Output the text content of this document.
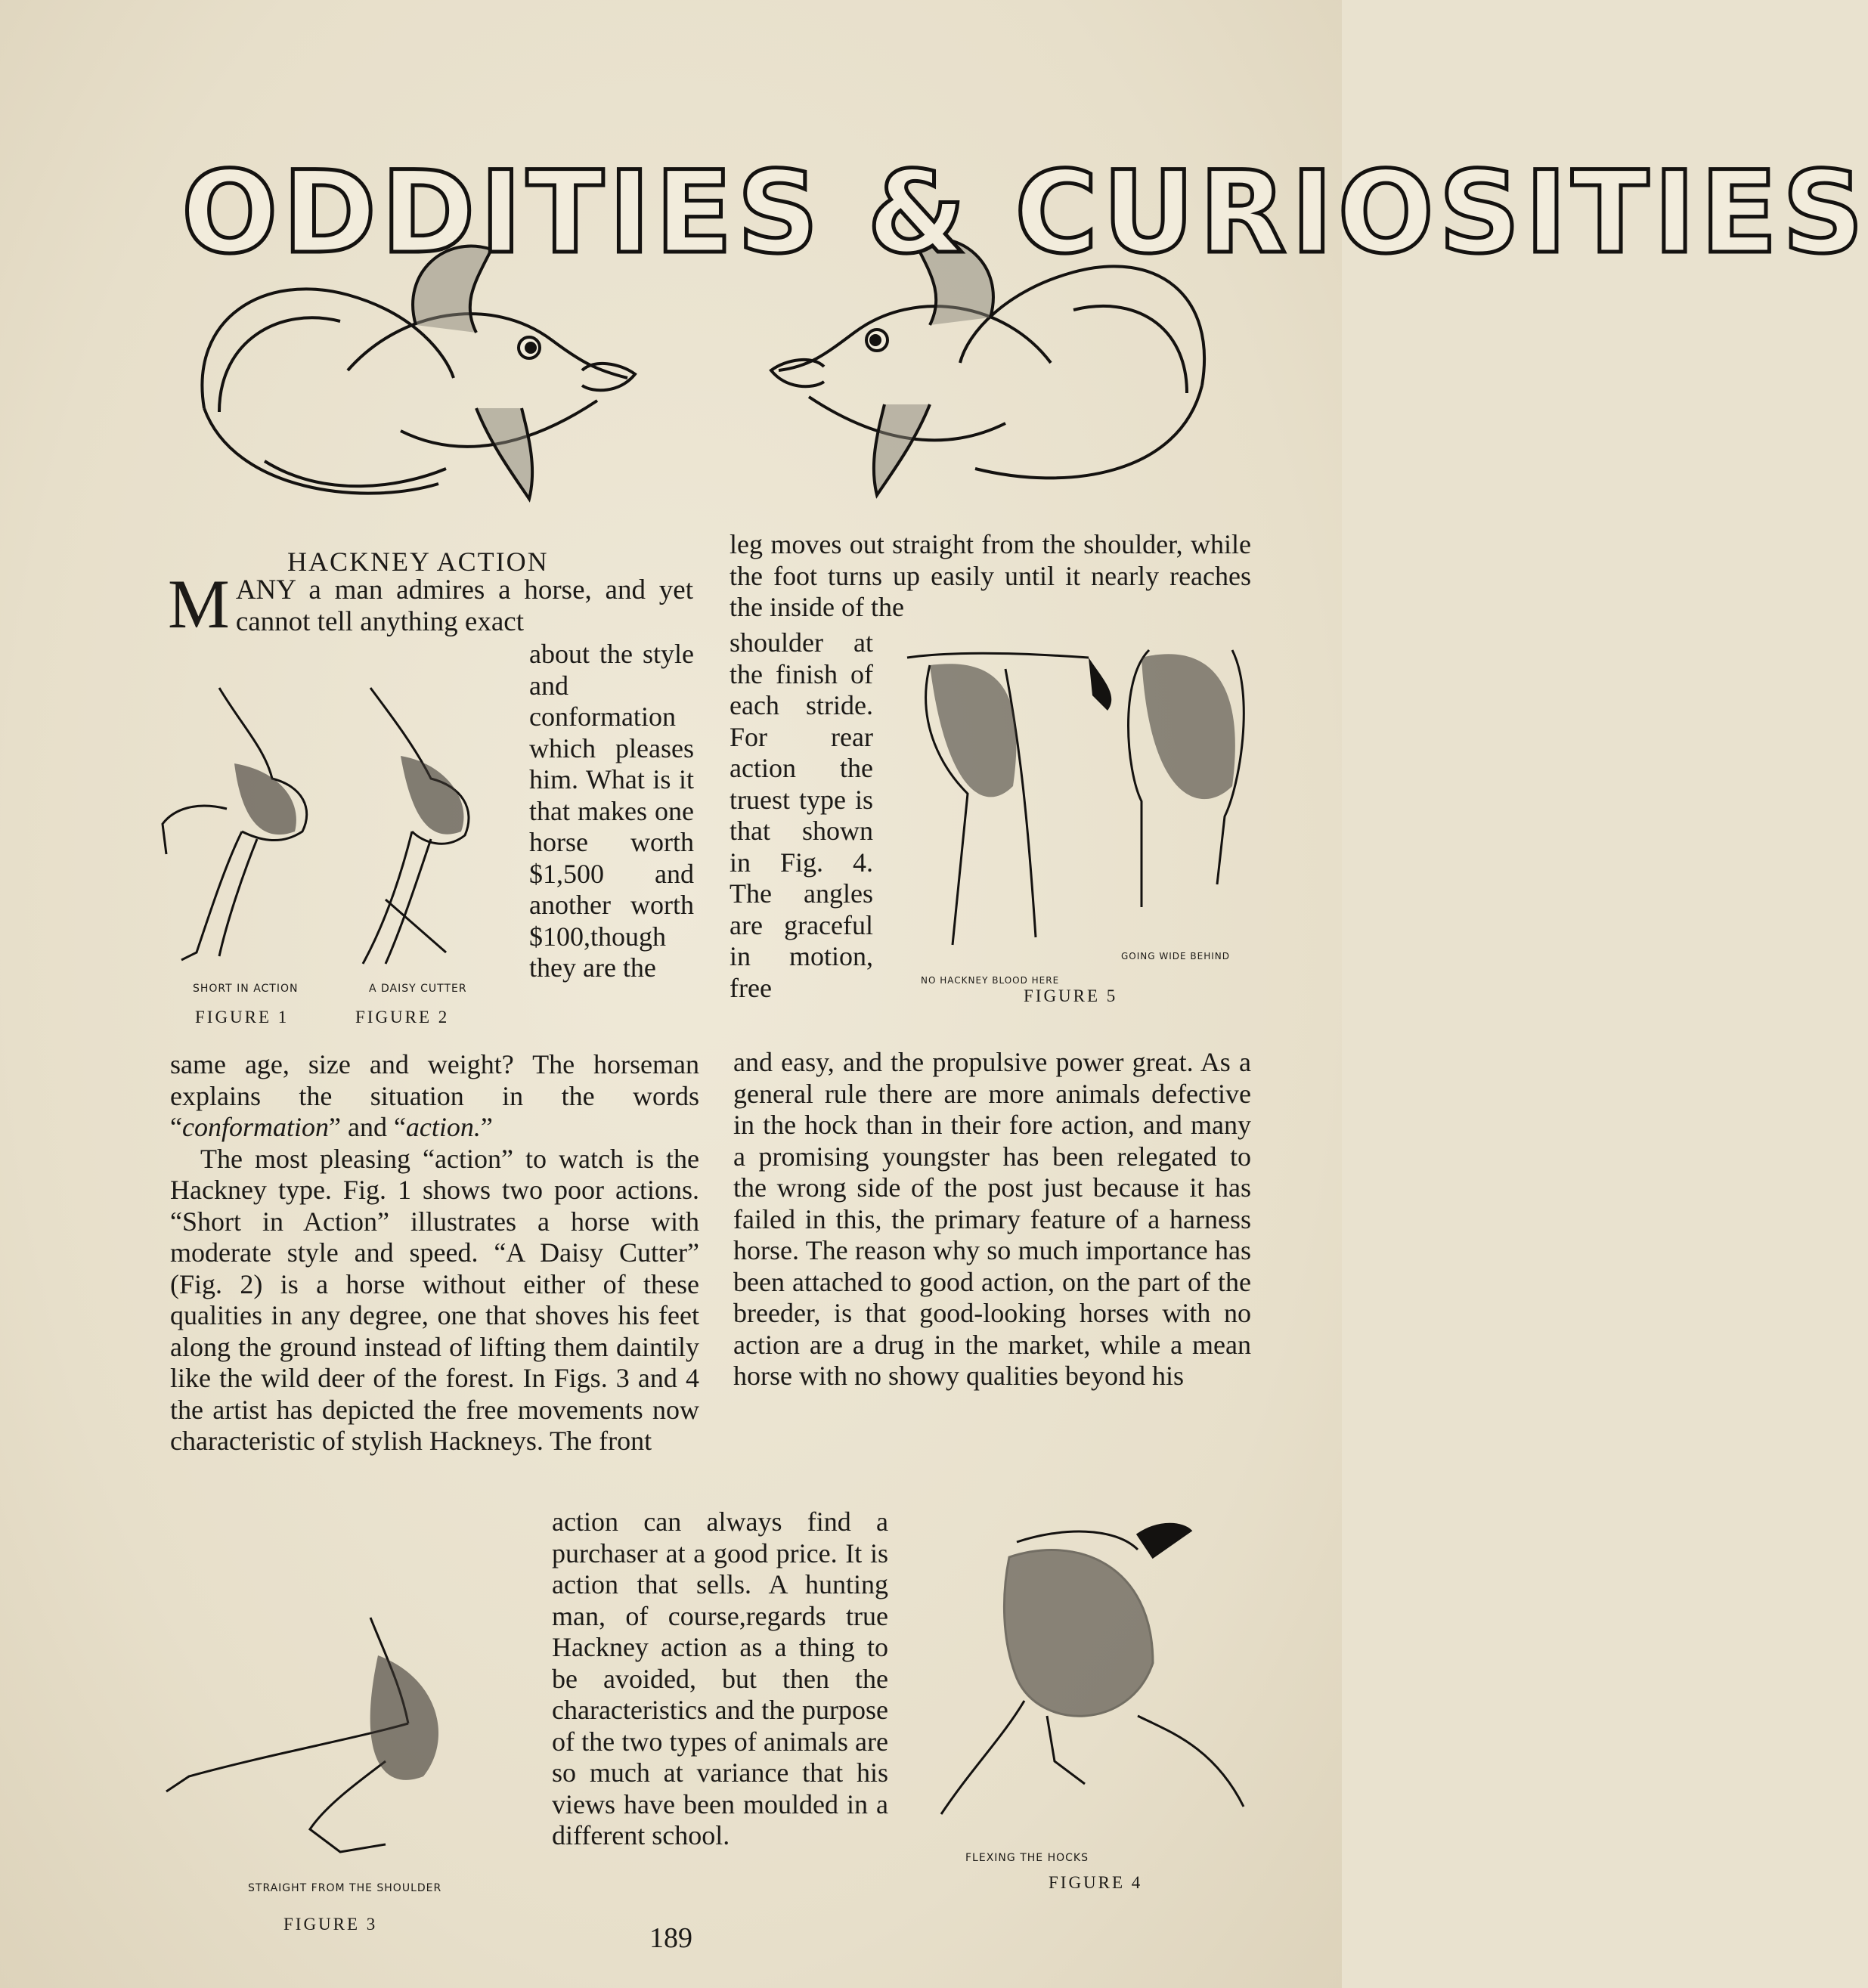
ODDITIES & CURIOSITIES
HACKNEY ACTION
M ANY a man admires a horse, and yet cannot tell anything exact
about the style and conformation which pleases him. What is it that makes one horse worth $1,500 and another worth $100,though they are the
SHORT IN ACTION
FIGURE 1
A DAISY CUTTER
FIGURE 2

same age, size and weight? The horseman explains the situation in the words “conformation” and “action.”

The most pleasing “action” to watch is the Hackney type. Fig. 1 shows two poor actions. “Short in Action” illustrates a horse with moderate style and speed. “A Daisy Cutter” (Fig. 2) is a horse without either of these qualities in any degree, one that shoves his feet along the ground instead of lifting them daintily like the wild deer of the forest. In Figs. 3 and 4 the artist has depicted the free movements now characteristic of stylish Hackneys. The front

leg moves out straight from the shoulder, while the foot turns up easily until it nearly reaches the inside of the
shoulder at the finish of each stride. For rear action the truest type is that shown in Fig. 4. The angles are graceful in motion, free	NO HACKNEY BLOOD HERE
GOING WIDE BEHIND
FIGURE 5
and easy, and the propulsive power great. As a general rule there are more animals defective in the hock than in their fore action, and many a promising youngster has been relegated to the wrong side of the post just because it has failed in this, the primary feature of a harness horse. The reason why so much importance has been attached to good action, on the part of the breeder, is that good-looking horses with no action are a drug in the market, while a mean horse with no showy qualities beyond his
action can always find a purchaser at a good price. It is action that sells. A hunting man, of course,regards true Hackney action as a thing to be avoided, but then the characteristics and the purpose of the two types of animals are so much at variance that his views have been moulded in a different school.
STRAIGHT FROM THE SHOULDER
FIGURE 3
FLEXING THE HOCKS
FIGURE 4
189
